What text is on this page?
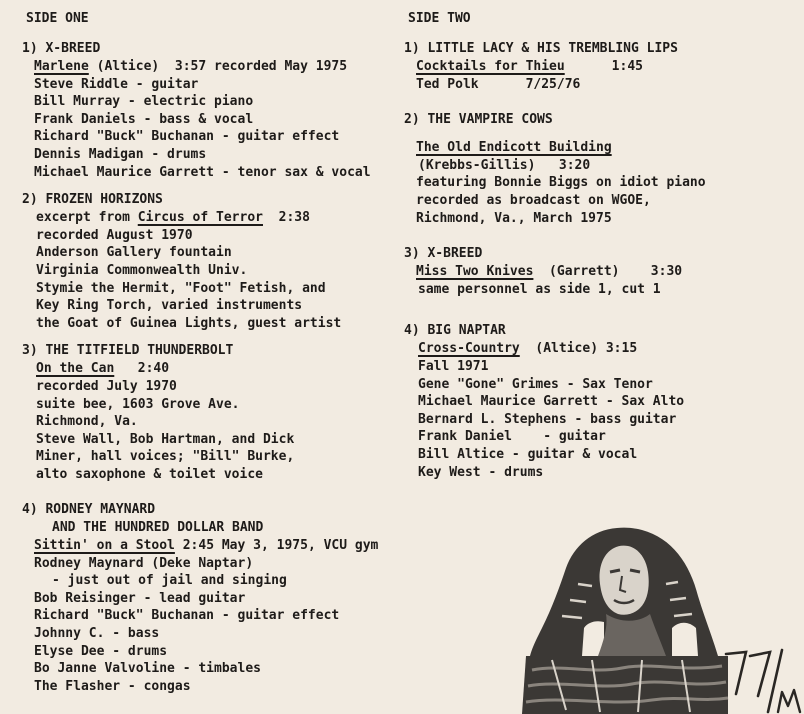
SIDE ONE
1) X-BREED
Marlene (Altice)  3:57 recorded May 1975
Steve Riddle - guitar
Bill Murray - electric piano
Frank Daniels - bass & vocal
Richard "Buck" Buchanan - guitar effect
Dennis Madigan - drums
Michael Maurice Garrett - tenor sax & vocal
2) FROZEN HORIZONS
excerpt from Circus of Terror  2:38
recorded August 1970
Anderson Gallery fountain
Virginia Commonwealth Univ.
Stymie the Hermit, "Foot" Fetish, and
Key Ring Torch, varied instruments
the Goat of Guinea Lights, guest artist
3) THE TITFIELD THUNDERBOLT
On the Can   2:40
recorded July 1970
suite bee, 1603 Grove Ave.
Richmond, Va.
Steve Wall, Bob Hartman, and Dick
Miner, hall voices; "Bill" Burke,
alto saxophone & toilet voice
4) RODNEY MAYNARD
AND THE HUNDRED DOLLAR BAND
Sittin' on a Stool 2:45 May 3, 1975, VCU gym
Rodney Maynard (Deke Naptar)
- just out of jail and singing
Bob Reisinger - lead guitar
Richard "Buck" Buchanan - guitar effect
Johnny C. - bass
Elyse Dee - drums
Bo Janne Valvoline - timbales
The Flasher - congas
SIDE TWO
1) LITTLE LACY & HIS TREMBLING LIPS
Cocktails for Thieu      1:45
Ted Polk      7/25/76
2) THE VAMPIRE COWS
The Old Endicott Building
(Krebbs-Gillis)   3:20
featuring Bonnie Biggs on idiot piano
recorded as broadcast on WGOE,
Richmond, Va., March 1975
3) X-BREED
Miss Two Knives  (Garrett)    3:30
same personnel as side 1, cut 1
4) BIG NAPTAR
Cross-Country  (Altice) 3:15
Fall 1971
Gene "Gone" Grimes - Sax Tenor
Michael Maurice Garrett - Sax Alto
Bernard L. Stephens - bass guitar
Frank Daniel    - guitar
Bill Altice - guitar & vocal
Key West - drums
